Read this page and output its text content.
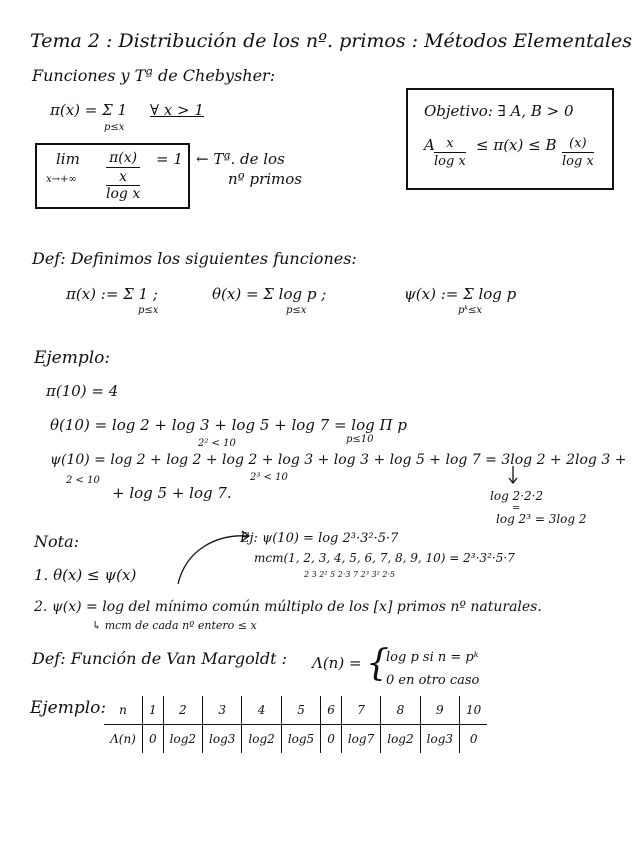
Tema 2 : Distribución de los nº. primos : Métodos Elementales
Funciones y Tª de Chebysher:
π(x) = Σ 1
p≤x
∀ x > 1
lim
x→+∞ π(x)
x
log x = 1 ← Tª. de los
nº primos
Objetivo: ∃ A, B > 0
A $\frac{x}{\text{log x}} \le \pi(x) \le B \frac{(x)}{\text{log x}}$
Def: Definimos los siguientes funciones:
π(x) := Σ 1 ;
p≤x
θ(x) = Σ log p ;
p≤x
ψ(x) := Σ log p
pᵏ≤x
Ejemplo:
π(10) = 4
θ(10) = log 2 + log 3 + log 5 + log 7 = log Π p
p≤10
2² < 10
ψ(10) = log 2 + log 2 + log 2 + log 3 + log 3 + log 5 + log 7 = 3log 2 + 2log 3 +
2 < 10	2³ < 10
+ log 5 + log 7.	log 2·2·2
=
log 2³ = 3log 2
Nota:
1. θ(x) ≤ ψ(x)
Ej: ψ(10) = log 2³·3²·5·7
mcm(1, 2, 3, 4, 5, 6, 7, 8, 9, 10) = 2³·3²·5·7
2 3 2² 5 2·3 7 2³ 3² 2·5
2. ψ(x) = log del mínimo común múltiplo de los [x] primos nº naturales.
↳ mcm de cada nº entero ≤ x
Def: Función de Van Margoldt : Λ(n) = {
log p si n = pᵏ
0 en otro caso
Ejemplo: n	1	2	3	4	5	6	7	8	9	10
Λ(n)	0	log2	log3	log2	log5	0	log7	log2	log3	0
